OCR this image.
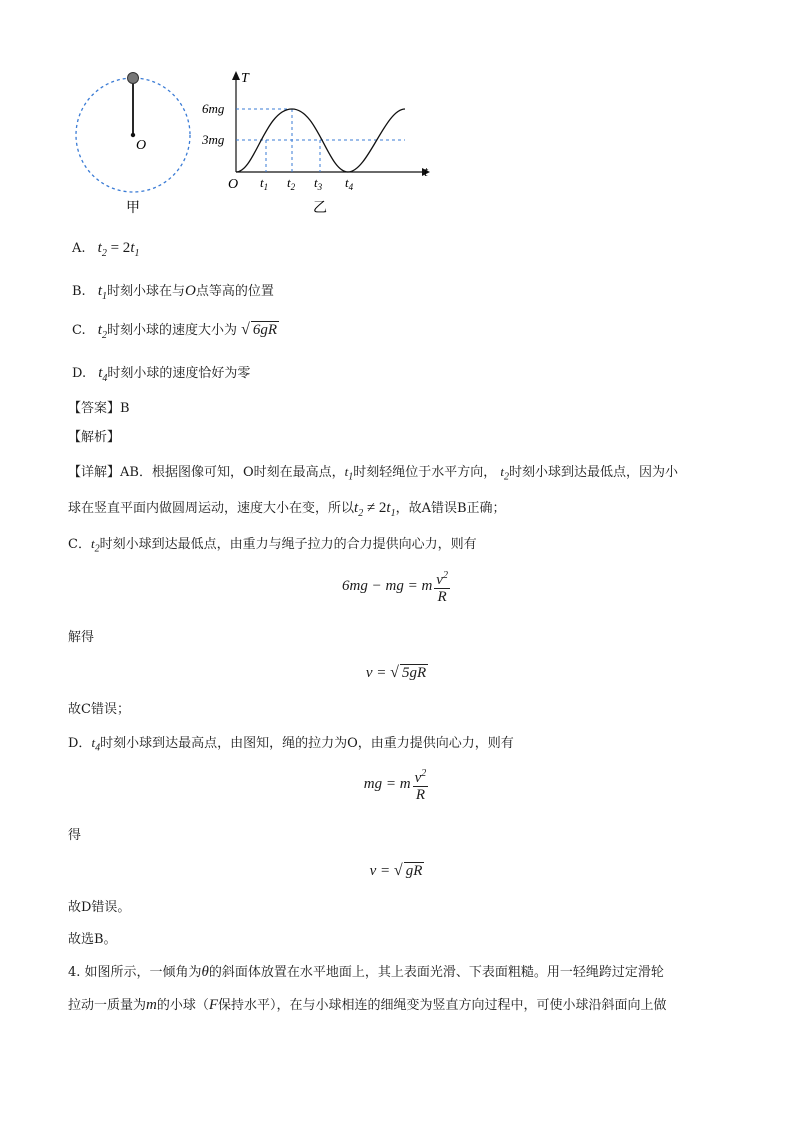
O
T
t
O
6mg
3mg
$t_1$ $t_2$ $t_3$ $t_4$
甲	乙
A. $t_2 = 2t_1$
B. $t_1$时刻小球在与O点等高的位置
C. $t_2$时刻小球的速度大小为 √ 6gR
D. $t_4$时刻小球的速度恰好为零
【答案】B
【解析】
【详解】AB．根据图像可知，O时刻在最高点，$t_1$时刻轻绳位于水平方向， $t_2$时刻小球到达最低点，因为小
球在竖直平面内做圆周运动，速度大小在变，所以$t_2 \ne 2t_1$，故A错误B正确；
C．$t_2$时刻小球到达最低点，由重力与绳子拉力的合力提供向心力，则有
6mg − mg = m $\frac{v^2}{R}$
解得
v = √ 5gR
故C错误；
D．$t_4$时刻小球到达最高点，由图知，绳的拉力为O，由重力提供向心力，则有
mg = m $\frac{v^2}{R}$
得
v = √ gR
故D错误。
故选B。
4. 如图所示，一倾角为θ的斜面体放置在水平地面上，其上表面光滑、下表面粗糙。用一轻绳跨过定滑轮
拉动一质量为m的小球（F保持水平），在与小球相连的细绳变为竖直方向过程中，可使小球沿斜面向上做
